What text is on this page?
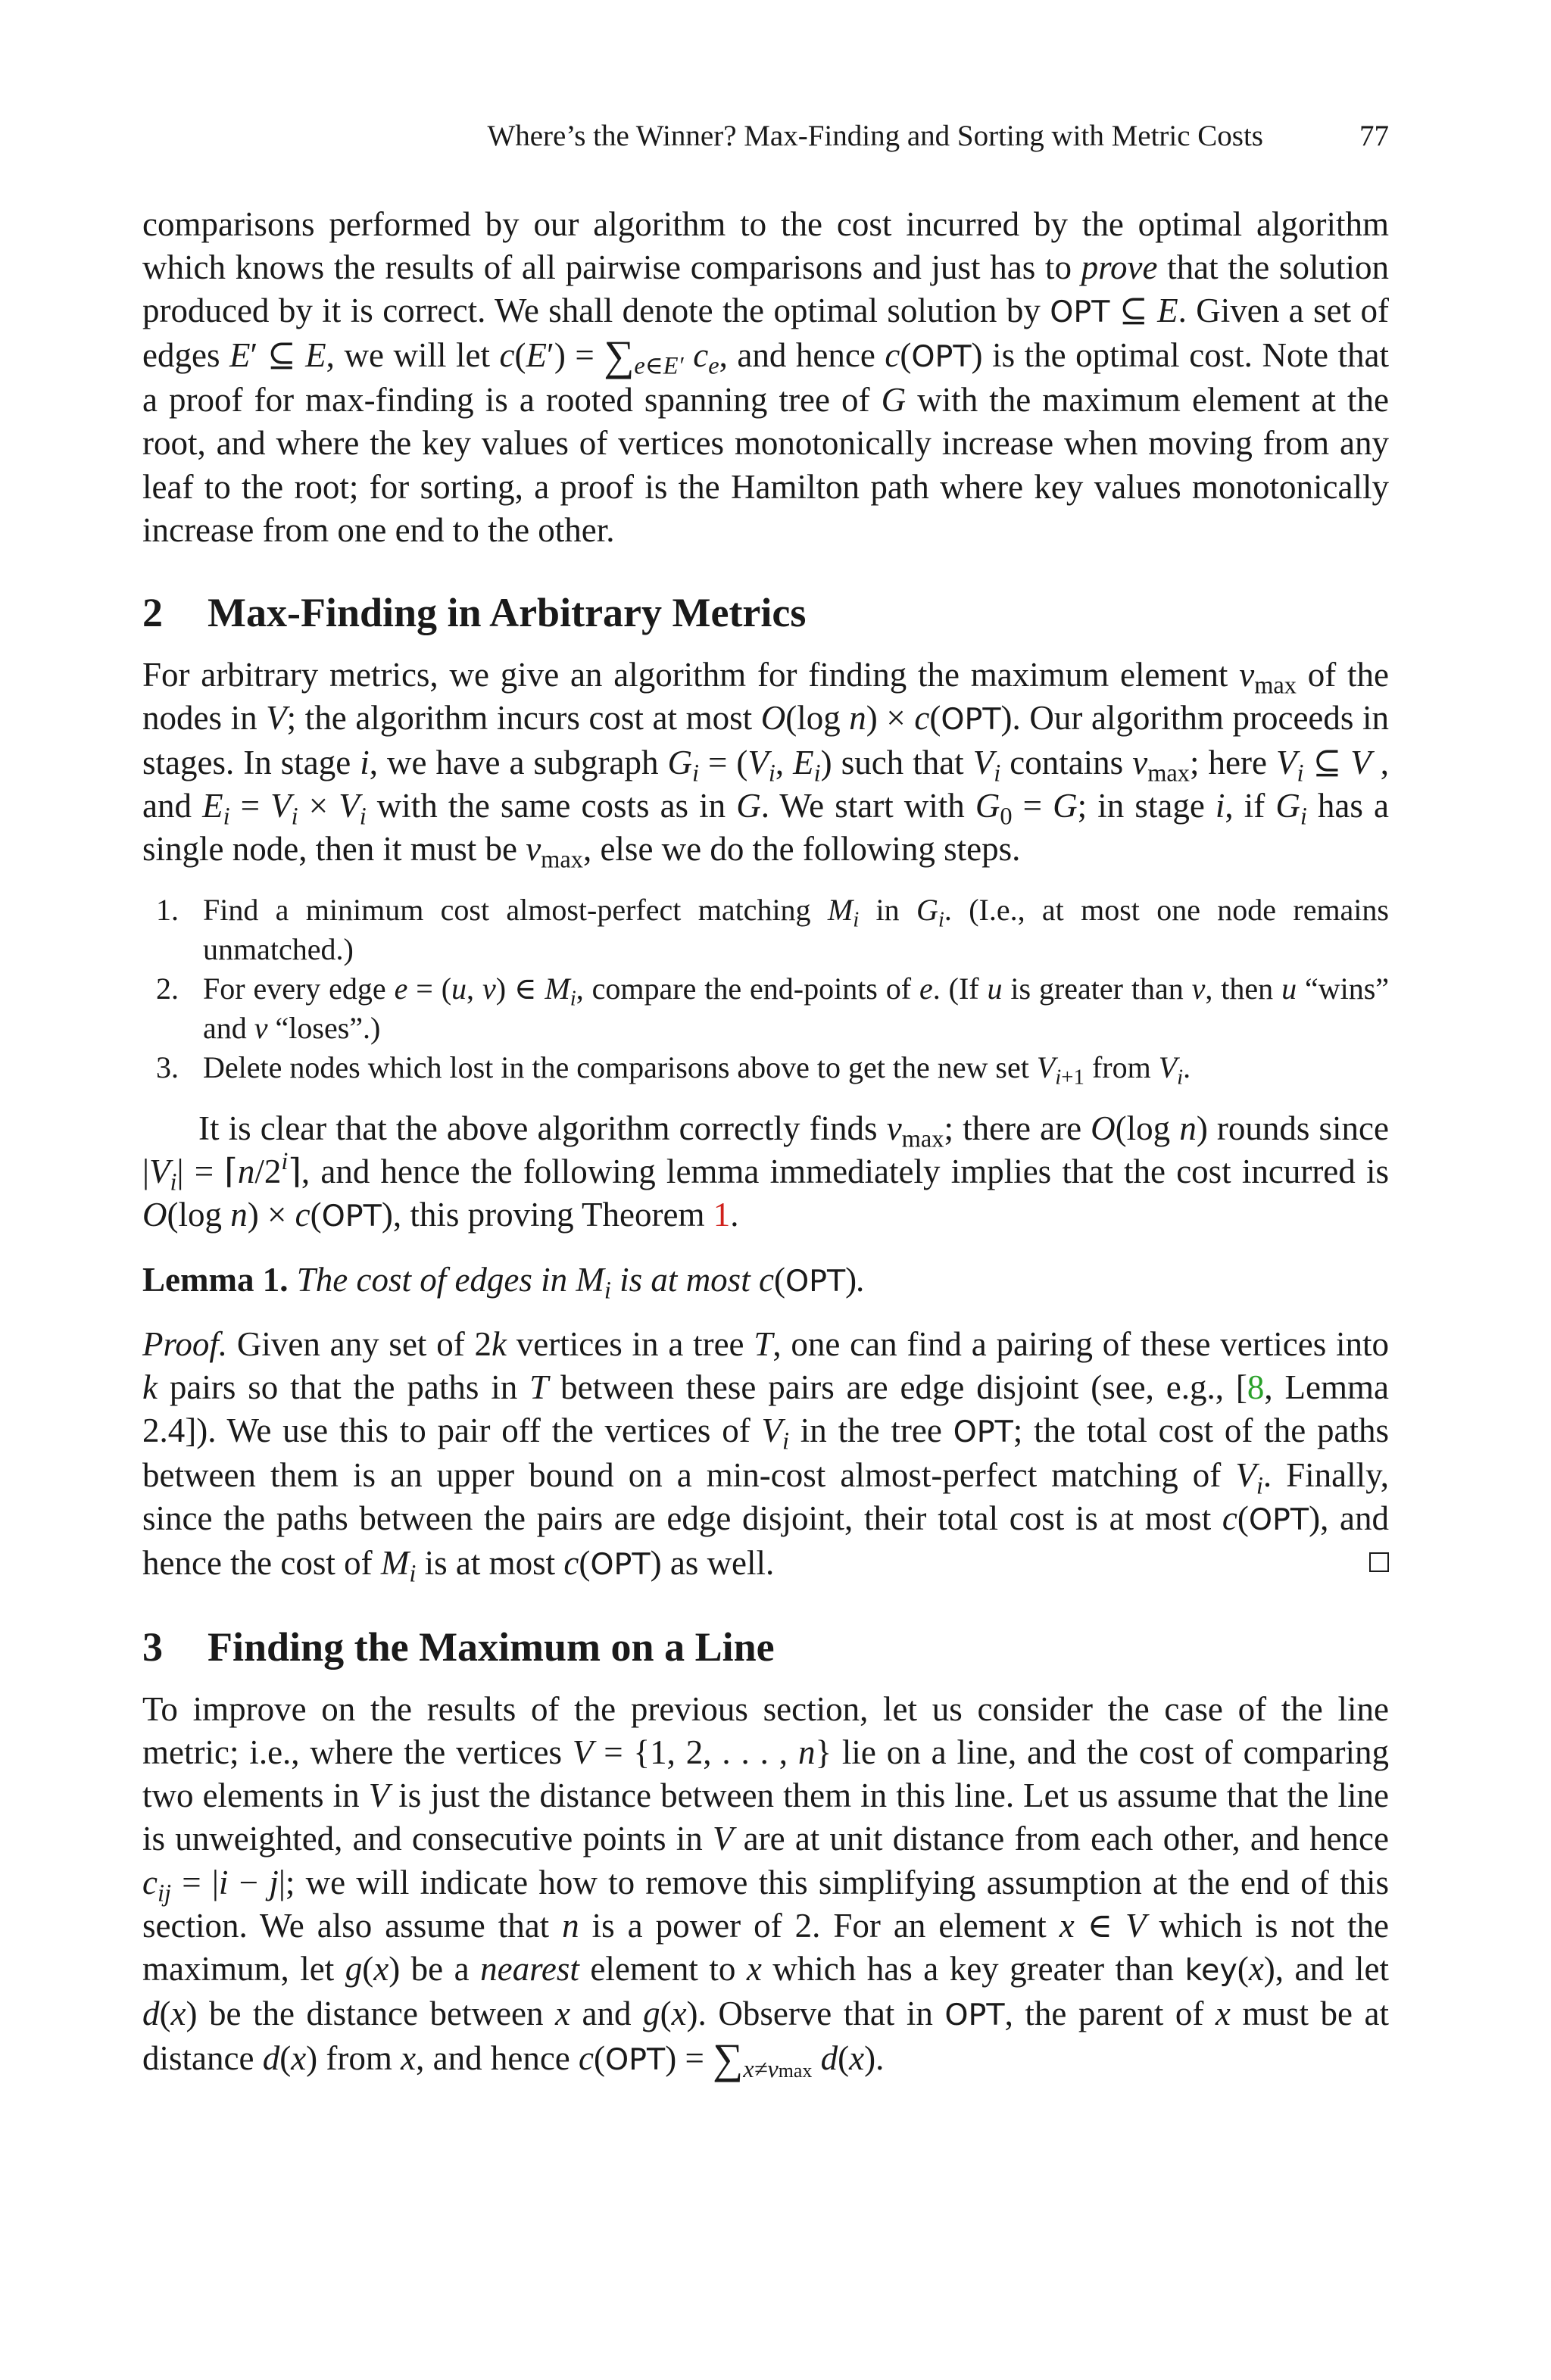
Where’s the Winner? Max-Finding and Sorting with Metric Costs	77

comparisons performed by our algorithm to the cost incurred by the optimal algorithm which knows the results of all pairwise comparisons and just has to prove that the solution produced by it is correct. We shall denote the optimal solution by OPT ⊆ E. Given a set of edges E′ ⊆ E, we will let $c(E') = \sum_{e\in E'}$ $c_e$, and hence c(OPT) is the optimal cost. Note that a proof for max-finding is a rooted spanning tree of G with the maximum element at the root, and where the key values of vertices monotonically increase when moving from any leaf to the root; for sorting, a proof is the Hamilton path where key values monotonically increase from one end to the other.

2 Max-Finding in Arbitrary Metrics

For arbitrary metrics, we give an algorithm for finding the maximum element $v_{max}$ of the nodes in V; the algorithm incurs cost at most O(log n) × c(OPT). Our algorithm proceeds in stages. In stage i, we have a subgraph $G_i = (V_i$, $E_i$) such that $V_i$ contains $v_{max}$; here $V_i$ ⊆ V , and $E_i = V_i \times V_i$ with the same costs as in G. We start with $G_0 = G$; in stage i, if $G_i$ has a single node, then it must be $v_{max}$, else we do the following steps.

1. Find a minimum cost almost-perfect matching $M_i$ in $G_i$. (I.e., at most one node remains unmatched.)
2. For every edge e = (u, v) ∈ $M_i$, compare the end-points of e. (If u is greater than v, then u “wins” and v “loses”.)
3. Delete nodes which lost in the comparisons above to get the new set $V_{i+1}$ from $V_i$.

It is clear that the above algorithm correctly finds $v_{max}$; there are O(log n) rounds since $|V_i|$ = $⌈n/2^i⌉$, and hence the following lemma immediately implies that the cost incurred is O(log n) × c(OPT), this proving Theorem 1.

Lemma 1. The cost of edges in $M_i$ is at most c(OPT).

Proof. Given any set of 2k vertices in a tree T, one can find a pairing of these vertices into k pairs so that the paths in T between these pairs are edge disjoint (see, e.g., [8, Lemma 2.4]). We use this to pair off the vertices of $V_i$ in the tree OPT; the total cost of the paths between them is an upper bound on a min-cost almost-perfect matching of $V_i$. Finally, since the paths between the pairs are edge disjoint, their total cost is at most c(OPT), and hence the cost of $M_i$ is at most c(OPT) as well.

3 Finding the Maximum on a Line

To improve on the results of the previous section, let us consider the case of the line metric; i.e., where the vertices V = {1, 2, . . . , n} lie on a line, and the cost of comparing two elements in V is just the distance between them in this line. Let us assume that the line is unweighted, and consecutive points in V are at unit distance from each other, and hence $c_{ij} = |i - j|$; we will indicate how to remove this simplifying assumption at the end of this section. We also assume that n is a power of 2. For an element x ∈ V which is not the maximum, let g(x) be a nearest element to x which has a key greater than key(x), and let d(x) be the distance between x and g(x). Observe that in OPT, the parent of x must be at distance d(x) from x, and hence $c(OPT) = \sum_{x\ne vmax}$ d(x).
